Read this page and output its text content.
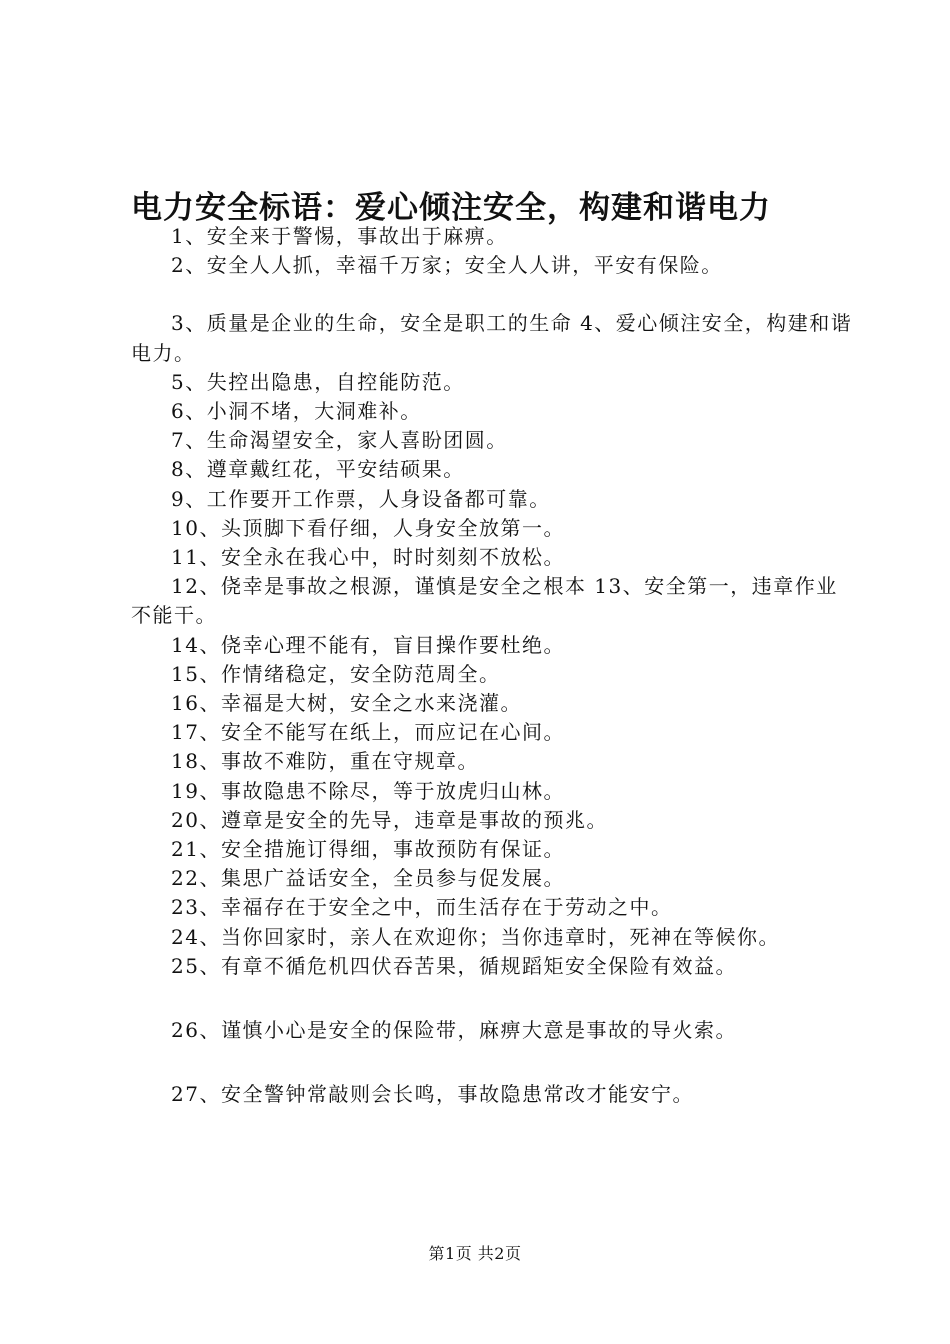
电力安全标语：爱心倾注安全，构建和谐电力

1、安全来于警惕，事故出于麻痹。

2、安全人人抓，幸福千万家；安全人人讲，平安有保险。

3、质量是企业的生命，安全是职工的生命 4、爱心倾注安全，构建和谐电力。

5、失控出隐患，自控能防范。

6、小洞不堵，大洞难补。

7、生命渴望安全，家人喜盼团圆。

8、遵章戴红花，平安结硕果。

9、工作要开工作票，人身设备都可靠。

10、头顶脚下看仔细，人身安全放第一。

11、安全永在我心中，时时刻刻不放松。

12、侥幸是事故之根源，谨慎是安全之根本 13、安全第一，违章作业不能干。

14、侥幸心理不能有，盲目操作要杜绝。

15、作情绪稳定，安全防范周全。

16、幸福是大树，安全之水来浇灌。

17、安全不能写在纸上，而应记在心间。

18、事故不难防，重在守规章。

19、事故隐患不除尽，等于放虎归山林。

20、遵章是安全的先导，违章是事故的预兆。

21、安全措施订得细，事故预防有保证。

22、集思广益话安全，全员参与促发展。

23、幸福存在于安全之中，而生活存在于劳动之中。

24、当你回家时，亲人在欢迎你；当你违章时，死神在等候你。

25、有章不循危机四伏吞苦果，循规蹈矩安全保险有效益。

26、谨慎小心是安全的保险带，麻痹大意是事故的导火索。

27、安全警钟常敲则会长鸣，事故隐患常改才能安宁。

第1页 共2页
